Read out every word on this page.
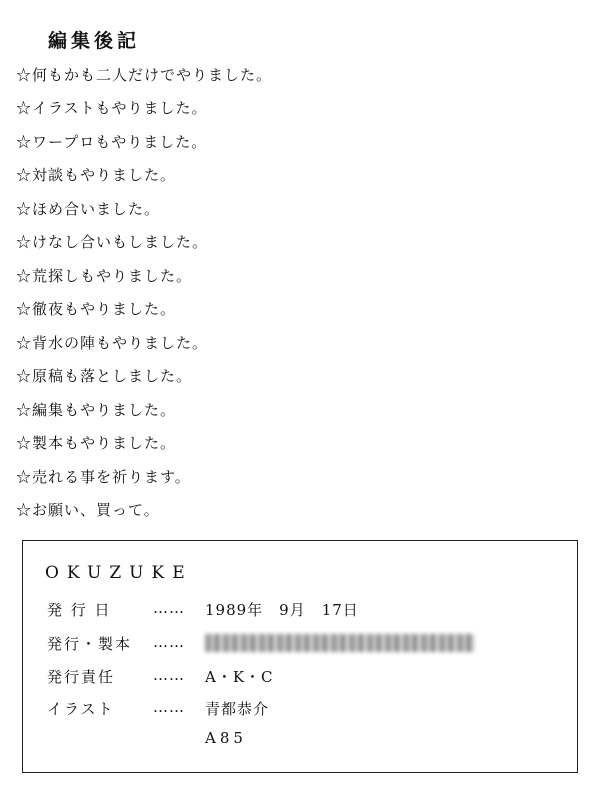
編集後記
☆何もかも二人だけでやりました。
☆イラストもやりました。
☆ワープロもやりました。
☆対談もやりました。
☆ほめ合いました。
☆けなし合いもしました。
☆荒探しもやりました。
☆徹夜もやりました。
☆背水の陣もやりました。
☆原稿も落としました。
☆編集もやりました。
☆製本もやりました。
☆売れる事を祈ります。
☆お願い、買って。
OKUZUKE
発 行 日	…… 1989年　9月　17日
発行・製本 ……
発行責任	…… A・K・C
イラスト	…… 青都恭介
A85
